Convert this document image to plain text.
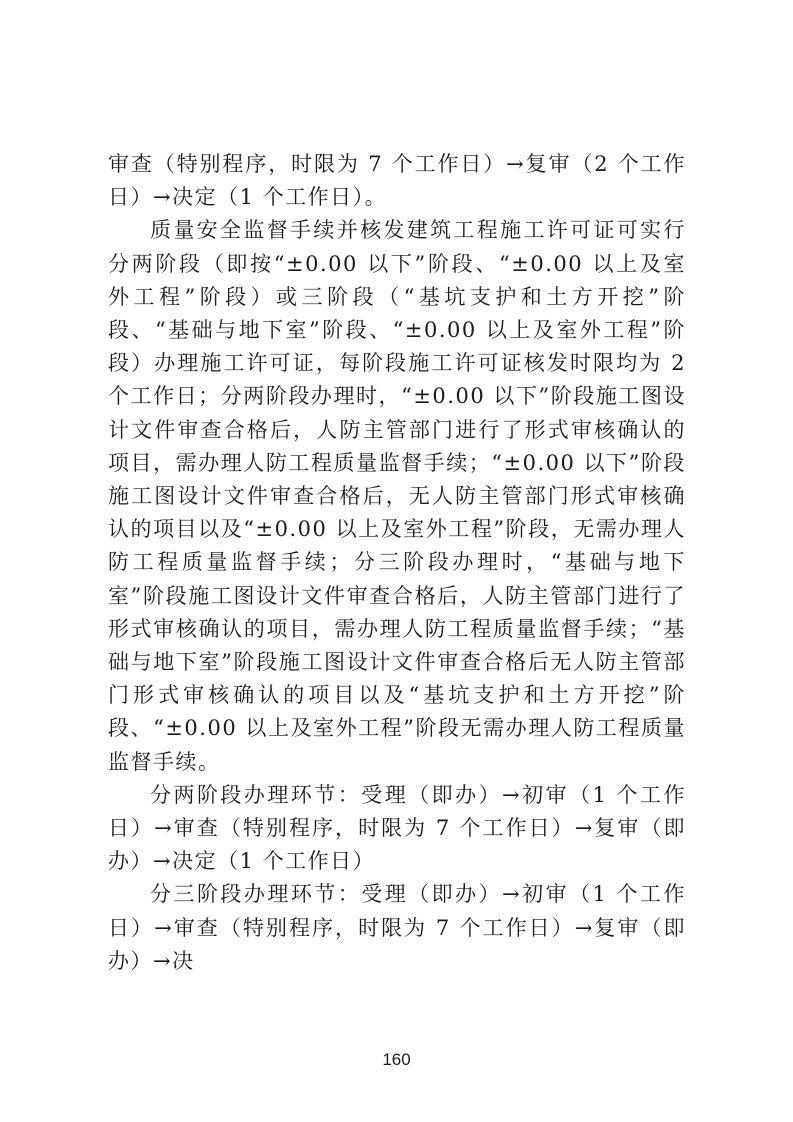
审查（特别程序，时限为 7 个工作日）→复审（2 个工作日）→决定（1 个工作日）。

质量安全监督手续并核发建筑工程施工许可证可实行分两阶段（即按“±0.00 以下”阶段、“±0.00 以上及室外工程”阶段）或三阶段（“基坑支护和土方开挖”阶段、“基础与地下室”阶段、“±0.00 以上及室外工程”阶段）办理施工许可证，每阶段施工许可证核发时限均为 2 个工作日；分两阶段办理时，“±0.00 以下”阶段施工图设计文件审查合格后，人防主管部门进行了形式审核确认的项目，需办理人防工程质量监督手续；“±0.00 以下”阶段施工图设计文件审查合格后，无人防主管部门形式审核确认的项目以及“±0.00 以上及室外工程”阶段，无需办理人防工程质量监督手续；分三阶段办理时，“基础与地下室”阶段施工图设计文件审查合格后，人防主管部门进行了形式审核确认的项目，需办理人防工程质量监督手续；“基础与地下室”阶段施工图设计文件审查合格后无人防主管部门形式审核确认的项目以及“基坑支护和土方开挖”阶段、“±0.00 以上及室外工程”阶段无需办理人防工程质量监督手续。

分两阶段办理环节：受理（即办）→初审（1 个工作日）→审查（特别程序，时限为 7 个工作日）→复审（即办）→决定（1 个工作日）

分三阶段办理环节：受理（即办）→初审（1 个工作日）→审查（特别程序，时限为 7 个工作日）→复审（即办）→决

160
